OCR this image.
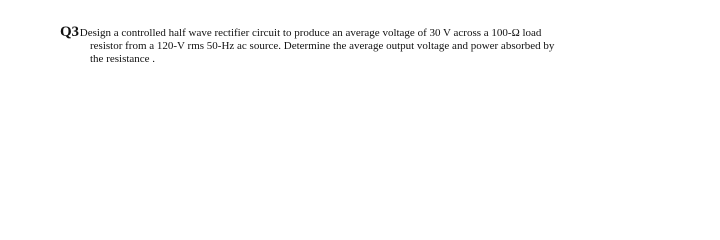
Q3 Design a controlled half wave rectifier circuit to produce an average voltage of 30 V across a 100-Ω load
resistor from a 120-V rms 50-Hz ac source. Determine the average output voltage and power absorbed by
the resistance .
